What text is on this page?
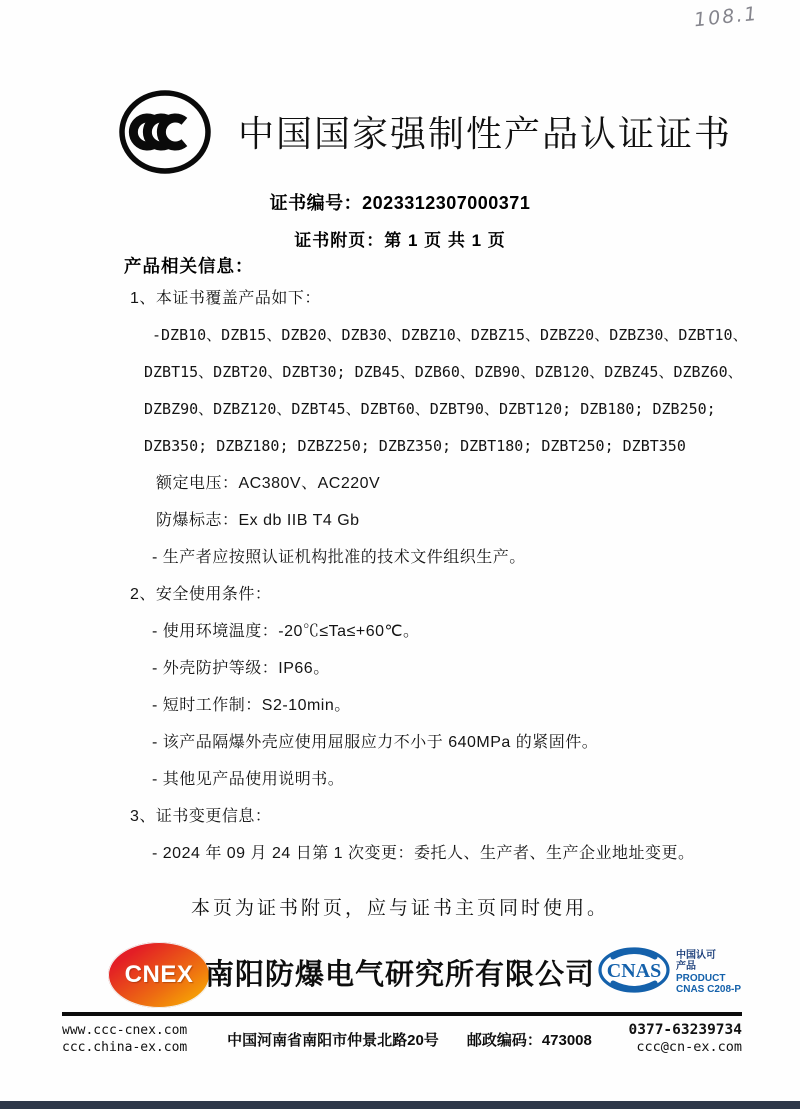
108.1
中国国家强制性产品认证证书
证书编号：2023312307000371
证书附页：第 1 页 共 1 页
产品相关信息：
1、本证书覆盖产品如下：
-DZB10、DZB15、DZB20、DZB30、DZBZ10、DZBZ15、DZBZ20、DZBZ30、DZBT10、
DZBT15、DZBT20、DZBT30; DZB45、DZB60、DZB90、DZB120、DZBZ45、DZBZ60、
DZBZ90、DZBZ120、DZBT45、DZBT60、DZBT90、DZBT120; DZB180; DZB250;
DZB350; DZBZ180; DZBZ250; DZBZ350; DZBT180; DZBT250; DZBT350
额定电压：AC380V、AC220V
防爆标志：Ex db IIB T4 Gb
- 生产者应按照认证机构批准的技术文件组织生产。
2、安全使用条件：
- 使用环境温度：-20℃≤Ta≤+60℃。
- 外壳防护等级：IP66。
- 短时工作制：S2-10min。
- 该产品隔爆外壳应使用屈服应力不小于 640MPa 的紧固件。
- 其他见产品使用说明书。
3、证书变更信息：
- 2024 年 09 月 24 日第 1 次变更：委托人、生产者、生产企业地址变更。
本页为证书附页，应与证书主页同时使用。
CNEX 南阳防爆电气研究所有限公司 CNAS
中国认可
产品
PRODUCT
CNAS C208-P
www.ccc-cnex.com
ccc.china-ex.com	中国河南省南阳市仲景北路20号 邮政编码：473008
0377-63239734
ccc@cn-ex.com
